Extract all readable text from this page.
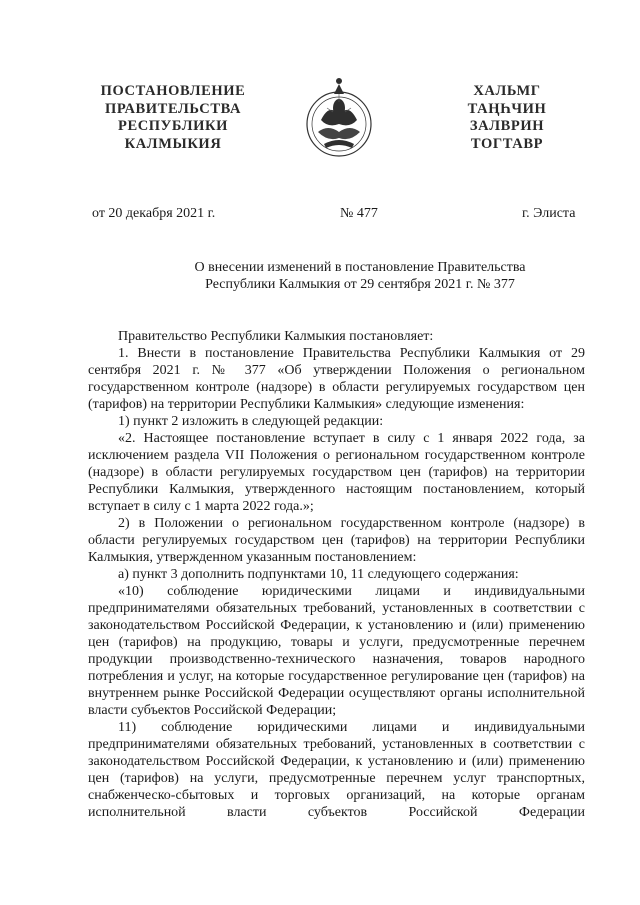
ПОСТАНОВЛЕНИЕ
ПРАВИТЕЛЬСТВА
РЕСПУБЛИКИ
КАЛМЫКИЯ
ХАЛЬМГ
ТАҢҺЧИН
ЗАЛВРИН
ТОГТАВР
от 20 декабря 2021 г.	№ 477	г. Элиста
О внесении изменений в постановление Правительства
Республики Калмыкия от 29 сентября 2021 г. № 377

Правительство Республики Калмыкия постановляет:

1. Внести в постановление Правительства Республики Калмыкия от 29 сентября 2021 г. № 377 «Об утверждении Положения о региональном государственном контроле (надзоре) в области регулируемых государством цен (тарифов) на территории Республики Калмыкия» следующие изменения:

1) пункт 2 изложить в следующей редакции:

«2. Настоящее постановление вступает в силу с 1 января 2022 года, за исключением раздела VII Положения о региональном государственном контроле (надзоре) в области регулируемых государством цен (тарифов) на территории Республики Калмыкия, утвержденного настоящим постановлением, который вступает в силу с 1 марта 2022 года.»;

2) в Положении о региональном государственном контроле (надзоре) в области регулируемых государством цен (тарифов) на территории Республики Калмыкия, утвержденном указанным постановлением:

а) пункт 3 дополнить подпунктами 10, 11 следующего содержания:

«10) соблюдение юридическими лицами и индивидуальными предпринимателями обязательных требований, установленных в соответствии с законодательством Российской Федерации, к установлению и (или) применению цен (тарифов) на продукцию, товары и услуги, предусмотренные перечнем продукции производственно-технического назначения, товаров народного потребления и услуг, на которые государственное регулирование цен (тарифов) на внутреннем рынке Российской Федерации осуществляют органы исполнительной власти субъектов Российской Федерации;

11) соблюдение юридическими лицами и индивидуальными предпринимателями обязательных требований, установленных в соответствии с законодательством Российской Федерации, к установлению и (или) применению цен (тарифов) на услуги, предусмотренные перечнем услуг транспортных, снабженческо-сбытовых и торговых организаций, на которые органам исполнительной власти субъектов Российской Федерации
